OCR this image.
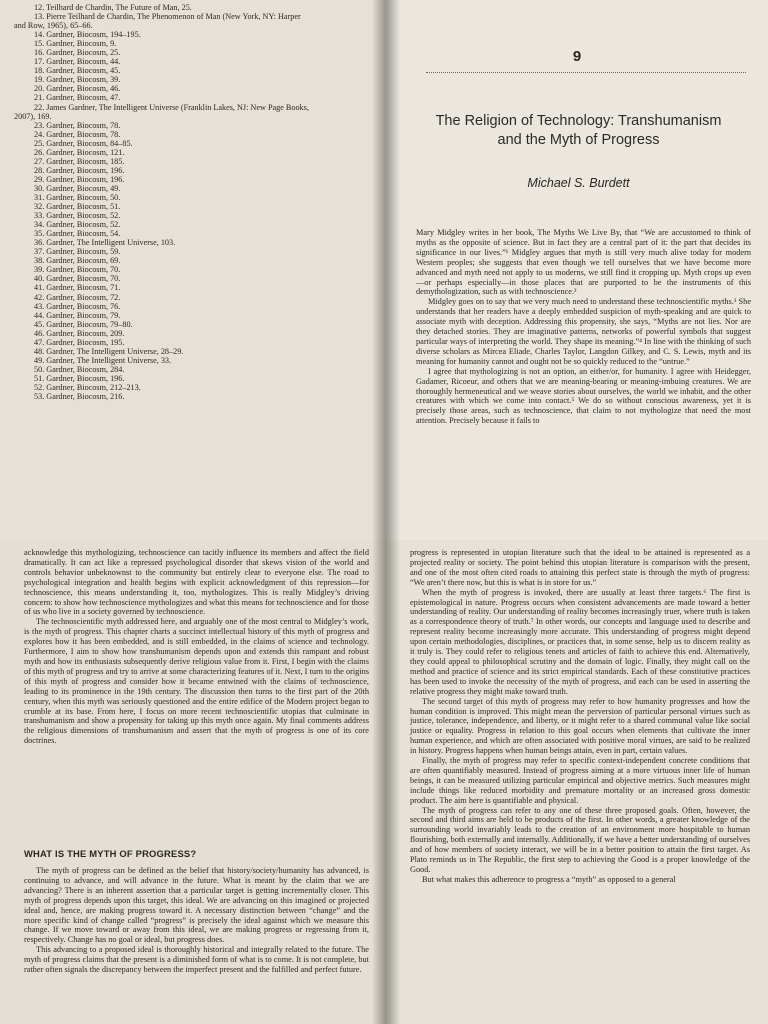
12. Teilhard de Chardin, The Future of Man, 25.
13. Pierre Teilhard de Chardin, The Phenomenon of Man (New York, NY: Harper
and Row, 1965), 65–66.
14. Gardner, Biocosm, 194–195.
15. Gardner, Biocosm, 9.
16. Gardner, Biocosm, 25.
17. Gardner, Biocosm, 44.
18. Gardner, Biocosm, 45.
19. Gardner, Biocosm, 39.
20. Gardner, Biocosm, 46.
21. Gardner, Biocosm, 47.
22. James Gardner, The Intelligent Universe (Franklin Lakes, NJ: New Page Books,
2007), 169.
23. Gardner, Biocosm, 78.
24. Gardner, Biocosm, 78.
25. Gardner, Biocosm, 84–85.
26. Gardner, Biocosm, 121.
27. Gardner, Biocosm, 185.
28. Gardner, Biocosm, 196.
29. Gardner, Biocosm, 196.
30. Gardner, Biocosm, 49.
31. Gardner, Biocosm, 50.
32. Gardner, Biocosm, 51.
33. Gardner, Biocosm, 52.
34. Gardner, Biocosm, 52.
35. Gardner, Biocosm, 54.
36. Gardner, The Intelligent Universe, 103.
37. Gardner, Biocosm, 59.
38. Gardner, Biocosm, 69.
39. Gardner, Biocosm, 70.
40. Gardner, Biocosm, 70.
41. Gardner, Biocosm, 71.
42. Gardner, Biocosm, 72.
43. Gardner, Biocosm, 76.
44. Gardner, Biocosm, 79.
45. Gardner, Biocosm, 79–80.
46. Gardner, Biocosm, 209.
47. Gardner, Biocosm, 195.
48. Gardner, The Intelligent Universe, 28–29.
49. Gardner, The Intelligent Universe, 33.
50. Gardner, Biocosm, 284.
51. Gardner, Biocosm, 196.
52. Gardner, Biocosm, 212–213.
53. Gardner, Biocosm, 216.
9
The Religion of Technology: Transhumanism
and the Myth of Progress
Michael S. Burdett

Mary Midgley writes in her book, The Myths We Live By, that “We are accustomed to think of myths as the opposite of science. But in fact they are a central part of it: the part that decides its significance in our lives.”¹ Midgley argues that myth is still very much alive today for modern Western peoples; she suggests that even though we tell ourselves that we have become more advanced and myth need not apply to us moderns, we still find it cropping up. Myth crops up even—or perhaps especially—in those places that are purported to be the instruments of this demythologization, such as with technoscience.²

Midgley goes on to say that we very much need to understand these technoscientific myths.³ She understands that her readers have a deeply embedded suspicion of myth-speaking and are quick to associate myth with deception. Addressing this propensity, she says, “Myths are not lies. Nor are they detached stories. They are imaginative patterns, networks of powerful symbols that suggest particular ways of interpreting the world. They shape its meaning.”⁴ In line with the thinking of such diverse scholars as Mircea Eliade, Charles Taylor, Langdon Gilkey, and C. S. Lewis, myth and its meaning for humanity cannot and ought not be so quickly reduced to the “untrue.”

I agree that mythologizing is not an option, an either/or, for humanity. I agree with Heidegger, Gadamer, Ricoeur, and others that we are meaning-bearing or meaning-imbuing creatures. We are thoroughly hermeneutical and we weave stories about ourselves, the world we inhabit, and the other creatures with which we come into contact.⁵ We do so without conscious awareness, yet it is precisely those areas, such as technoscience, that claim to not mythologize that need the most attention. Precisely because it fails to

acknowledge this mythologizing, technoscience can tacitly influence its members and affect the field dramatically. It can act like a repressed psychological disorder that skews vision of the world and controls behavior unbeknownst to the community but entirely clear to everyone else. The road to psychological integration and health begins with explicit acknowledgment of this repression—for technoscience, this means understanding it, too, mythologizes. This is really Midgley’s driving concern: to show how technoscience mythologizes and what this means for technoscience and for those of us who live in a society governed by technoscience.

The technoscientific myth addressed here, and arguably one of the most central to Midgley’s work, is the myth of progress. This chapter charts a succinct intellectual history of this myth of progress and explores how it has been embedded, and is still embedded, in the claims of science and technology. Furthermore, I aim to show how transhumanism depends upon and extends this rampant and robust myth and how its enthusiasts subsequently derive religious value from it. First, I begin with the claims of this myth of progress and try to arrive at some characterizing features of it. Next, I turn to the origins of this myth of progress and consider how it became entwined with the claims of technoscience, leading to its prominence in the 19th century. The discussion then turns to the first part of the 20th century, when this myth was seriously questioned and the entire edifice of the Modern project began to crumble at its base. From here, I focus on more recent technoscientific utopias that culminate in transhumanism and show a propensity for taking up this myth once again. My final comments address the religious dimensions of transhumanism and assert that the myth of progress is one of its core doctrines.

WHAT IS THE MYTH OF PROGRESS?

The myth of progress can be defined as the belief that history/society/humanity has advanced, is continuing to advance, and will advance in the future. What is meant by the claim that we are advancing? There is an inherent assertion that a particular target is getting incrementally closer. This myth of progress depends upon this target, this ideal. We are advancing on this imagined or projected ideal and, hence, are making progress toward it. A necessary distinction between “change” and the more specific kind of change called “progress” is precisely the ideal against which we measure this change. If we move toward or away from this ideal, we are making progress or regressing from it, respectively. Change has no goal or ideal, but progress does.

This advancing to a proposed ideal is thoroughly historical and integrally related to the future. The myth of progress claims that the present is a diminished form of what is to come. It is not complete, but rather often signals the discrepancy between the imperfect present and the fulfilled and perfect future.

progress is represented in utopian literature such that the ideal to be attained is represented as a projected reality or society. The point behind this utopian literature is comparison with the present, and one of the most often cited roads to attaining this perfect state is through the myth of progress: “We aren’t there now, but this is what is in store for us.”

When the myth of progress is invoked, there are usually at least three targets.⁶ The first is epistemological in nature. Progress occurs when consistent advancements are made toward a better understanding of reality. Our understanding of reality becomes increasingly truer, where truth is taken as a correspondence theory of truth.⁷ In other words, our concepts and language used to describe and represent reality become increasingly more accurate. This understanding of progress might depend upon certain methodologies, disciplines, or practices that, in some sense, help us to discern reality as it truly is. They could refer to religious tenets and articles of faith to achieve this end. Alternatively, they could appeal to philosophical scrutiny and the domain of logic. Finally, they might call on the method and practice of science and its strict empirical standards. Each of these constitutive practices has been used to invoke the necessity of the myth of progress, and each can be used in asserting the relative progress they might make toward truth.

The second target of this myth of progress may refer to how humanity progresses and how the human condition is improved. This might mean the perversion of particular personal virtues such as justice, tolerance, independence, and liberty, or it might refer to a shared communal value like social justice or equality. Progress in relation to this goal occurs when elements that cultivate the inner human experience, and which are often associated with positive moral virtues, are said to be realized in history. Progress happens when human beings attain, even in part, certain values.

Finally, the myth of progress may refer to specific context-independent concrete conditions that are often quantifiably measured. Instead of progress aiming at a more virtuous inner life of human beings, it can be measured utilizing particular empirical and objective metrics. Such measures might include things like reduced morbidity and premature mortality or an increased gross domestic product. The aim here is quantifiable and physical.

The myth of progress can refer to any one of these three proposed goals. Often, however, the second and third aims are held to be products of the first. In other words, a greater knowledge of the surrounding world invariably leads to the creation of an environment more hospitable to human flourishing, both externally and internally. Additionally, if we have a better understanding of ourselves and of how members of society interact, we will be in a better position to attain the first target. As Plato reminds us in The Republic, the first step to achieving the Good is a proper knowledge of the Good.

But what makes this adherence to progress a “myth” as opposed to a general
